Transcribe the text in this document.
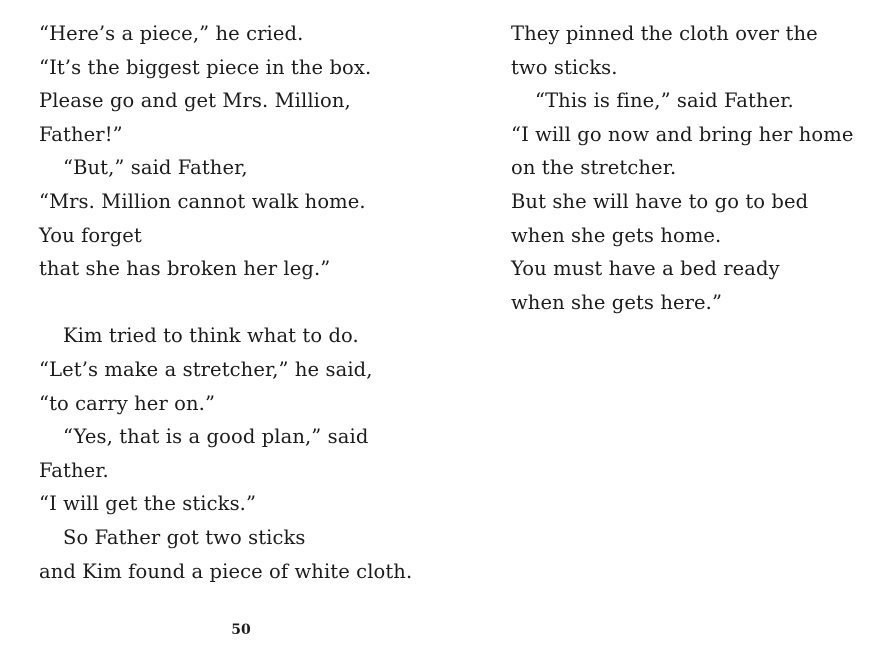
“Here’s a piece,” he cried.
“It’s the biggest piece in the box.
Please go and get Mrs. Million,
Father!”
“But,” said Father,
“Mrs. Million cannot walk home.
You forget
that she has broken her leg.”
Kim tried to think what to do.
“Let’s make a stretcher,” he said,
“to carry her on.”
“Yes, that is a good plan,” said
Father.
“I will get the sticks.”
So Father got two sticks
and Kim found a piece of white cloth.
They pinned the cloth over the
two sticks.
“This is fine,” said Father.
“I will go now and bring her home
on the stretcher.
But she will have to go to bed
when she gets home.
You must have a bed ready
when she gets here.”
50
